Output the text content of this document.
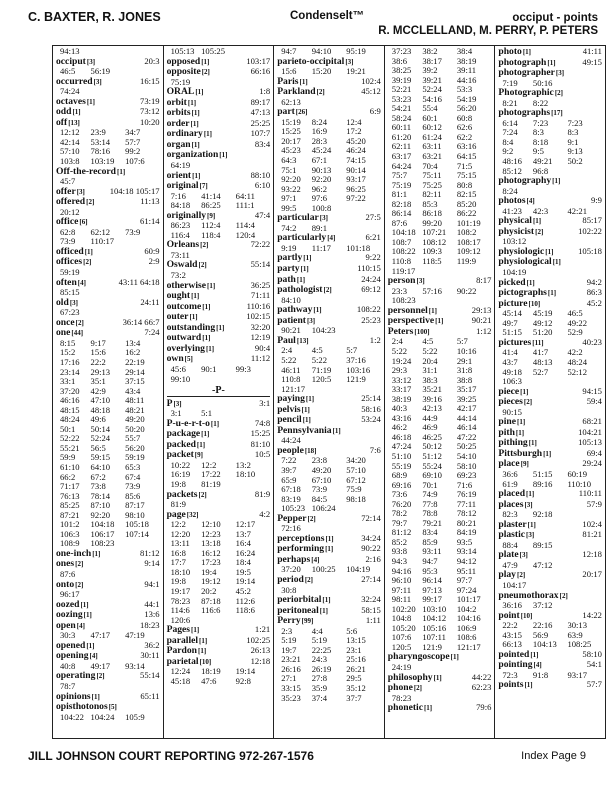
C. BAXTER, R. JONES	Condenselt™	occiput - points
R. MCCLELLAND, M. PERRY, P. PETERS
94:13
occiput[3]	20:3
46:5	56:19
occurred[3]	16:15
74:24
octaves[1]	73:19
odd[1]	73:12
off[13]	10:20
12:12	23:9	34:7
42:14	53:14	57:7
57:10	78:16	99:2
103:8	103:19	107:6
Off-the-record[1]
45:7
offer[3]	104:18 105:17
offered[2]	11:13
20:12
office[6]	61:14
62:8	62:12	73:9
73:9	110:17
officed[1]	60:9
offices[2]	2:9
59:19
often[4]	43:11 64:18
85:15
old[3]	24:11
67:23
once[2]	36:14 66:7
one[44]	7:24
8:15	9:17	13:4
15:2	15:6	16:2
17:16	22:2	22:19
23:14	29:13	29:14
33:1	35:1	37:15
37:20	42:9	43:4
46:16	47:10	48:11
48:15	48:18	48:21
48:24	49:6	49:20
50:1	50:14	50:20
52:22	52:24	55:7
55:21	56:5	56:20
59:9	59:15	59:19
61:10	64:10	65:3
66:2	67:2	67:4
71:17	73:8	73:9
76:13	78:14	85:6
85:25	87:10	87:17
87:21	92:20	98:10
101:2	104:18	105:18
106:3	106:17	107:14
108:9	108:23
one-inch[1]	81:12
ones[2]	9:14
87:6
onto[2]	94:1
96:17
oozed[1]	44:1
oozing[1]	13:6
open[4]	18:23
30:3	47:17	47:19
opened[1]	36:2
opening[4]	30:11
40:8	49:17	93:14
operating[2]	55:14
78:7
opinions[1]	65:11
opisthotonos[5]
104:22 104:24	105:9
105:13 105:25
opposed[1]	103:17
opposite[2]	66:16
75:19
ORAL[1]	1:8
orbit[1]	89:17
orbits[1]	47:13
order[1]	25:25
ordinary[1]	107:7
organ[1]	83:4
organization[1]
64:19
orient[1]	88:10
original[7]	6:10
7:16	41:14	64:11
84:18	86:25	111:1
originally[9]	47:4
86:23	112:4	114:4
116:4	118:4	120:4
Orleans[2]	72:22
73:11
Oswald[2]	55:14
73:2
otherwise[1]	36:25
ought[1]	71:11
outcome[1]	110:16
outer[1]	102:15
outstanding[1]	32:20
outward[1]	12:19
overlying[1]	90:4
own[5]	11:12
45:6	90:1	99:3
99:10
-P-
P[3]	3:1
3:1	5:1
P-u-e-r-t-o[1]	74:8
package[1]	15:25
packed[1]	81:10
packet[9]	10:5
10:22	12:2	13:2
16:19	17:22	18:10
19:8	81:19
packets[2]	81:9
81:9
page[32]	4:2
12:2	12:10	12:17
12:20	12:23	13:7
13:11	13:18	16:4
16:8	16:12	16:24
17:7	17:23	18:4
18:10	19:4	19:5
19:8	19:12	19:14
19:17	20:2	45:2
78:23	87:18	112:6
114:6	116:6	118:6
120:6
Pages[1]	1:21
parallel[1]	102:25
Pardon[1]	26:13
parietal[10]	12:18
12:24	18:19	19:14
45:18	47:6	92:8
94:7	94:10	95:19
parieto-occipital[3]
15:6	15:20	19:21
Paris[1]	102:4
Parkland[2]	45:12
62:13
part[26]	6:9
15:19	8:24	12:4
15:25	16:9	17:2
20:17	28:3	45:20
45:23	45:24	46:24
64:3	67:1	74:15
75:1	90:13	90:14
92:20	92:20	93:17
93:22	96:2	96:25
97:1	97:6	97:22
99:5	100:8
particular[3]	27:5
74:2	89:1
particularly[4]	6:21
9:19	11:17	101:18
partly[1]	9:22
party[1]	110:15
path[1]	24:24
pathologist[2]	69:12
84:10
pathway[1]	108:22
patient[3]	25:23
90:21	104:23
Paul[13]	1:2
2:4	4:5	5:7
5:22	5:22	37:16
46:11	71:19	103:16
110:8	120:5	121:9
121:17
paying[1]	25:14
pelvis[1]	58:16
pencil[1]	53:24
Pennsylvania[1]
44:24
people[18]	7:6
7:22	23:8	34:20
39:7	49:20	57:10
65:9	67:10	67:12
67:18	73:9	75:9
83:19	84:5	98:18
105:23 106:24
Pepper[2]	72:14
72:16
perceptions[1]	34:24
performing[1]	90:22
perhaps[4]	2:16
37:20	100:25	104:19
period[2]	27:14
30:8
periorbital[1]	32:24
peritoneal[1]	58:15
Perry[99]	1:11
2:3	4:4	5:6
5:19	5:19	13:15
19:7	22:25	23:1
23:21	24:3	25:16
26:16	26:19	26:21
27:1	27:8	29:5
33:15	35:9	35:12
35:23	37:4	37:7
37:23	38:2	38:4
38:6	38:17	38:19
38:25	39:2	39:11
39:19	39:21	44:16
52:21	52:24	53:3
53:23	54:16	54:19
54:21	55:4	56:20
58:24	60:1	60:8
60:11	60:12	62:6
61:20	61:24	62:2
62:11	63:11	63:16
63:17	63:21	64:15
64:24	70:4	71:5
75:7	75:11	75:15
75:19	75:25	80:8
81:1	82:11	82:15
82:18	85:3	85:20
86:14	86:18	86:22
87:6	99:20	101:19
104:18 107:21	108:2
108:7	108:12	108:17
108:22 109:3	109:12
110:8	118:5	119:9
119:17
person[3]	8:17
23:3	57:16	90:22
108:23
personnel[1]	29:13
perspective[1]	90:21
Peters[100]	1:12
2:4	4:5	5:7
5:22	5:22	10:16
19:24	20:4	29:1
29:3	31:1	31:8
33:12	38:3	38:8
33:17	35:21	35:17
38:19	39:16	39:25
40:3	42:13	42:17
43:16	44:9	44:14
46:2	46:9	46:14
46:18	46:25	47:22
47:24	50:12	50:25
51:10	51:12	54:10
55:19	55:24	58:10
68:9	69:10	69:23
69:16	70:1	71:6
73:6	74:9	76:19
76:20	77:8	77:11
78:2	78:8	78:12
79:7	79:21	80:21
81:12	83:4	84:19
85:2	85:9	93:5
93:8	93:11	93:14
94:3	94:7	94:12
94:16	95:3	95:11
96:10	96:14	97:7
97:11	97:13	97:24
98:11	99:17	101:17
102:20 103:10	104:2
104:8	104:12	104:16
105:20 105:16	106:9
107:6	107:11	108:6
120:5	121:9	121:17
pharyngoscope[1]
24:19
philosophy[1]	44:22
phone[2]	62:23
78:23
phonetic[1]	79:6
photo[1]	41:11
photograph[1]	49:15
photographer[3]
7:19	50:16
Photographic[2]
8:21	8:22
photographs[17]
6:14	7:23	7:23
7:24	8:3	8:3
8:4	8:18	9:1
9:2	9:5	9:13
48:16	49:21	50:2
85:12	96:8
photography[1]
8:24
photos[4]	9:9
41:23	42:3	42:21
physical[1]	85:17
physicist[2]	102:22
103:12
physiologic[1]	105:18
physiological[1]
104:19
picked[1]	94:2
pictographs[1]	86:3
picture[10]	45:2
45:14	45:19	46:5
49:7	49:12	49:22
51:15	51:20	52:9
pictures[11]	40:23
41:4	41:7	42:2
43:7	48:13	48:24
49:18	52:7	52:12
106:3
piece[1]	94:15
pieces[2]	59:4
90:15
pine[1]	68:21
pith[1]	104:21
pithing[1]	105:13
Pittsburgh[1]	69:4
place[9]	29:24
36:6	51:15	60:19
61:9	89:16	110:10
placed[1]	110:11
places[3]	57:9
82:3	92:18
plaster[1]	102:4
plastic[3]	81:21
88:4	89:15
plate[3]	12:18
47:9	47:12
play[2]	20:17
104:17
pneumothorax[2]
36:16	37:12
point[10]	14:22
22:2	22:16	30:13
43:15	56:9	63:9
66:13	104:13	108:25
pointed[1]	58:10
pointing[4]	54:1
72:3	91:8	93:17
points[1]	57:7
JILL JOHNSON COURT REPORTING 972-267-1576	Index Page 9
